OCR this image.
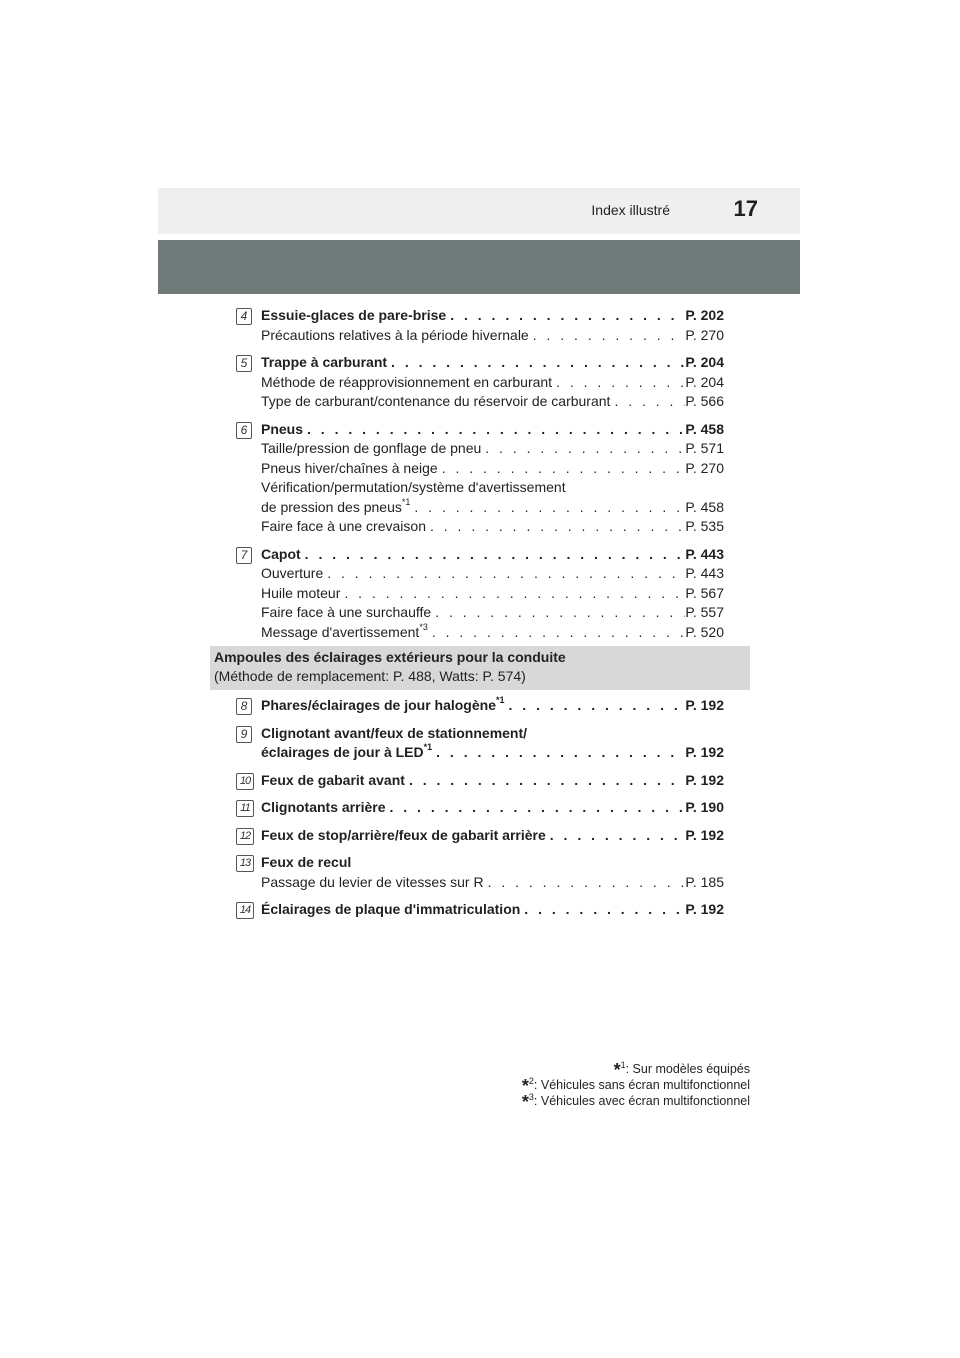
Index illustré	17
4 Essuie-glaces de pare-brise . . .	P. 202
Précautions relatives à la période hivernale . . .	P. 270
5 Trappe à carburant . . .	P. 204
Méthode de réapprovisionnement en carburant . . .	P. 204
Type de carburant/contenance du réservoir de carburant . . .	P. 566
6 Pneus . . .	P. 458
Taille/pression de gonflage de pneu . . .	P. 571
Pneus hiver/chaînes à neige . . .	P. 270
Vérification/permutation/système d'avertissement
de pression des pneus$^{*1}$ . . .	P. 458
Faire face à une crevaison . . .	P. 535
7 Capot . . .	P. 443
Ouverture . . .	P. 443
Huile moteur . . .	P. 567
Faire face à une surchauffe . . .	P. 557
Message d'avertissement$^{*3}$ . . .	P. 520
Ampoules des éclairages extérieurs pour la conduite
(Méthode de remplacement: P. 488, Watts: P. 574)
8 Phares/éclairages de jour halogène$^{*1}$ . . .	P. 192
9 Clignotant avant/feux de stationnement/
éclairages de jour à LED$^{*1}$ . . .	P. 192
10 Feux de gabarit avant . . .	P. 192
11 Clignotants arrière . . .	P. 190
12 Feux de stop/arrière/feux de gabarit arrière . . .	P. 192
13 Feux de recul
Passage du levier de vitesses sur R . . .	P. 185
14 Éclairages de plaque d'immatriculation . . .	P. 192
*$^1$: Sur modèles équipés
*$^2$: Véhicules sans écran multifonctionnel
*$^3$: Véhicules avec écran multifonctionnel
